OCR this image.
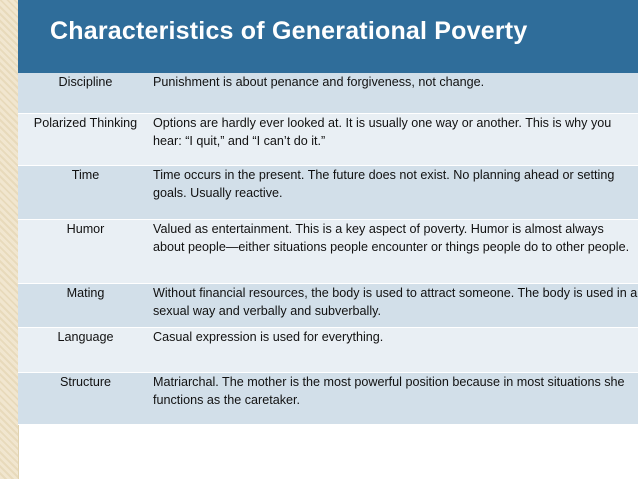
Characteristics of Generational Poverty
Discipline	Punishment is about penance and forgiveness, not change.
Polarized Thinking	Options are hardly ever looked at. It is usually one way or another. This is why you hear: “I quit,” and “I can’t do it.”
Time	Time occurs in the present. The future does not exist. No planning ahead or setting goals. Usually reactive.
Humor	Valued as entertainment. This is a key aspect of poverty. Humor is almost always about people—either situations people encounter or things people do to other people.
Mating	Without financial resources, the body is used to attract someone. The body is used in a sexual way and verbally and subverbally.
Language	Casual expression is used for everything.
Structure	Matriarchal. The mother is the most powerful position because in most situations she functions as the caretaker.
